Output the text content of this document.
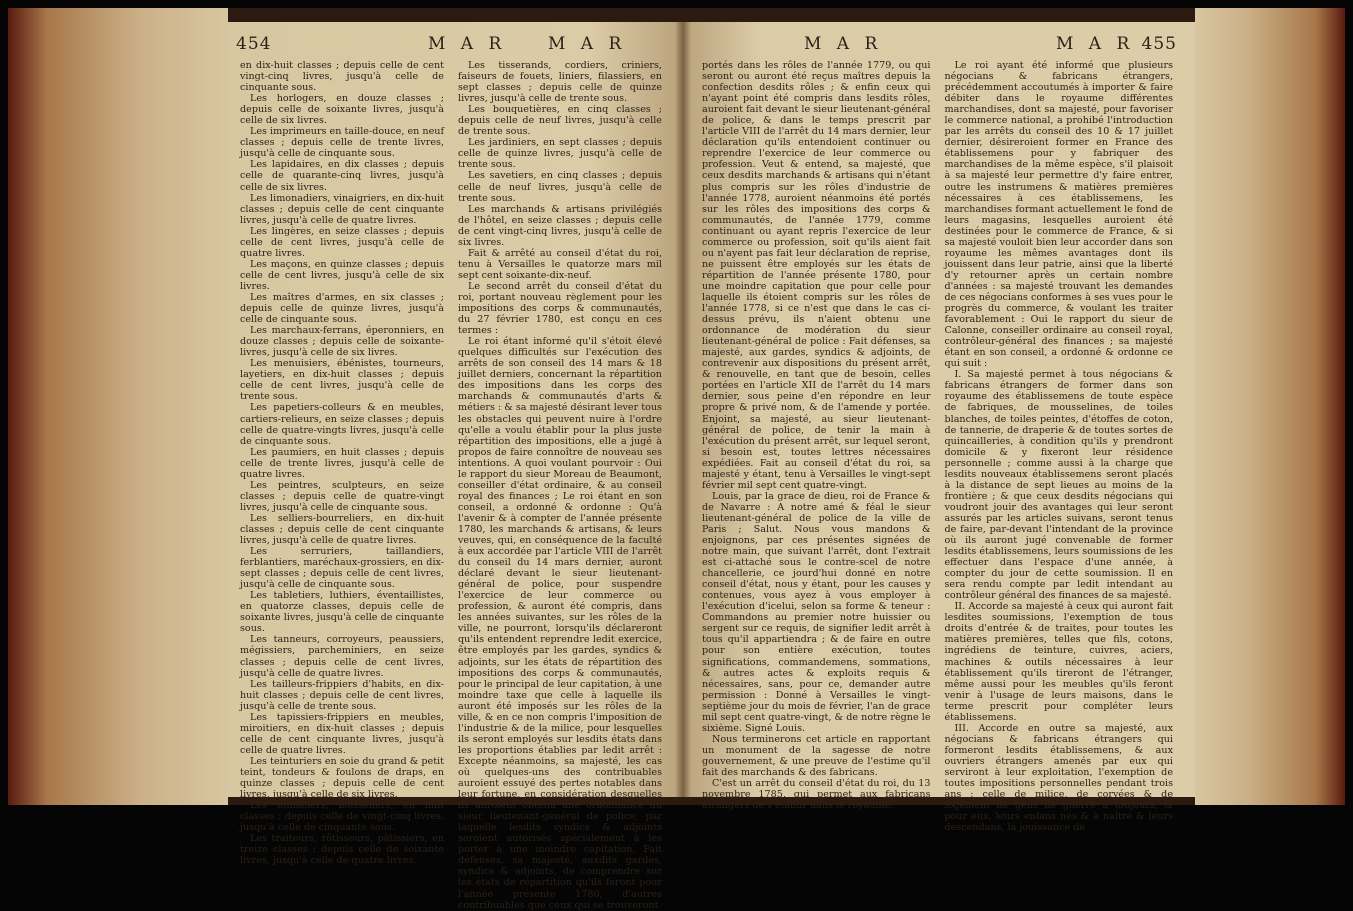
454	M A R

en dix-huit classes ; depuis celle de cent vingt-cinq livres, jusqu'à celle de cinquante sous.

Les horlogers, en douze classes ; depuis celle de soixante livres, jusqu'à celle de six livres.

Les imprimeurs en taille-douce, en neuf classes ; depuis celle de trente livres, jusqu'à celle de cinquante sous.

Les lapidaires, en dix classes ; depuis celle de quarante-cinq livres, jusqu'à celle de six livres.

Les limonadiers, vinaigriers, en dix-huit classes ; depuis celle de cent cinquante livres, jusqu'à celle de quatre livres.

Les lingères, en seize classes ; depuis celle de cent livres, jusqu'à celle de quatre livres.

Les maçons, en quinze classes ; depuis celle de cent livres, jusqu'à celle de six livres.

Les maîtres d'armes, en six classes ; depuis celle de quinze livres, jusqu'à celle de cinquante sous.

Les marchaux-ferrans, éperonniers, en douze classes ; depuis celle de soixante-livres, jusqu'à celle de six livres.

Les menuisiers, ébénistes, tourneurs, layetiers, en dix-huit classes ; depuis celle de cent livres, jusqu'à celle de trente sous.

Les papetiers-colleurs & en meubles, cartiers-relieurs, en seize classes ; depuis celle de quatre-vingts livres, jusqu'à celle de cinquante sous.

Les paumiers, en huit classes ; depuis celle de trente livres, jusqu'à celle de quatre livres.

Les peintres, sculpteurs, en seize classes ; depuis celle de quatre-vingt livres, jusqu'à celle de cinquante sous.

Les selliers-bourreliers, en dix-huit classes ; depuis celle de cent cinquante livres, jusqu'à celle de quatre livres.

Les serruriers, taillandiers, ferblantiers, maréchaux-grossiers, en dix-sept classes ; depuis celle de cent livres, jusqu'à celle de cinquante sous.

Les tabletiers, luthiers, éventaillistes, en quatorze classes, depuis celle de soixante livres, jusqu'à celle de cinquante sous.

Les tanneurs, corroyeurs, peaussiers, mégissiers, parcheminiers, en seize classes ; depuis celle de cent livres, jusqu'à celle de quatre livres.

Les tailleurs-frippiers d'habits, en dix-huit classes ; depuis celle de cent livres, jusqu'à celle de trente sous.

Les tapissiers-frippiers en meubles, miroitiers, en dix-huit classes ; depuis celle de cent cinquante livres, jusqu'à celle de quatre livres.

Les teinturiers en soie du grand & petit teint, tondeurs & foulons de draps, en quinze classes ; depuis celle de cent livres, jusqu'à celle de six livres.

Les tonneliers, boisseliers, en huit classes ; depuis celle de vingt-cinq livres, jusqu'à celle de cinquante sous.

Les traiteurs, rôtisseurs, pâtissiers, en treize classes ; depuis celle de soixante livres, jusqu'à celle de quatre livres.

Les tisserands, cordiers, criniers, faiseurs de fouets, liniers, filassiers, en sept classes ; depuis celle de quinze livres, jusqu'à celle de trente sous.

Les bouquetières, en cinq classes ; depuis celle de neuf livres, jusqu'à celle de trente sous.

Les jardiniers, en sept classes ; depuis celle de quinze livres, jusqu'à celle de trente sous.

Les savetiers, en cinq classes ; depuis celle de neuf livres, jusqu'à celle de trente sous.

Les marchands & artisans privilégiés de l'hôtel, en seize classes ; depuis celle de cent vingt-cinq livres, jusqu'à celle de six livres.

Fait & arrêté au conseil d'état du roi, tenu à Versailles le quatorze mars mil sept cent soixante-dix-neuf.

Le second arrêt du conseil d'état du roi, portant nouveau règlement pour les impositions des corps & communautés, du 27 février 1780, est conçu en ces termes :

Le roi étant informé qu'il s'étoit élevé quelques difficultés sur l'exécution des arrêts de son conseil des 14 mars & 18 juillet derniers, concernant la répartition des impositions dans les corps des marchands & communautés d'arts & métiers : & sa majesté désirant lever tous les obstacles qui peuvent nuire à l'ordre qu'elle a voulu établir pour la plus juste répartition des impositions, elle a jugé à propos de faire connoître de nouveau ses intentions. A quoi voulant pourvoir : Oui le rapport du sieur Moreau de Beaumont, conseiller d'état ordinaire, & au conseil royal des finances ; Le roi étant en son conseil, a ordonné & ordonne : Qu'à l'avenir & à compter de l'année présente 1780, les marchands & artisans, & leurs veuves, qui, en conséquence de la faculté à eux accordée par l'article VIII de l'arrêt du conseil du 14 mars dernier, auront déclaré devant le sieur lieutenant-général de police, pour suspendre l'exercice de leur commerce ou profession, & auront été compris, dans les années suivantes, sur les rôles de la ville, ne pourront, lorsqu'ils déclareront qu'ils entendent reprendre ledit exercice, être employés par les gardes, syndics & adjoints, sur les états de répartition des impositions des corps & communautés, pour le principal de leur capitation, à une moindre taxe que celle à laquelle ils auront été imposés sur les rôles de la ville, & en ce non compris l'imposition de l'industrie & de la milice, pour lesquelles ils seront employés sur lesdits états dans les proportions établies par ledit arrêt : Excepte néanmoins, sa majesté, les cas où quelques-uns des contribuables auroient essuyé des pertes notables dans leur fortune, en considération desquelles ils auroient obtenu une ordonnance du sieur lieutenant-général de police, par laquelle lesdits syndics & adjoints seroient autorisés spécialement à les porter à une moindre capitation. Fait défenses, sa majesté, auxdits gardes, syndics & adjoints, de comprendre sur les états de répartition qu'ils feront pour l'année présente 1780, d'autres contribuables que ceux qui se trouveront

M A R	M A R 455

portés dans les rôles de l'année 1779, ou qui seront ou auront été reçus maîtres depuis la confection desdits rôles ; & enfin ceux qui n'ayant point été compris dans lesdits rôles, auroient fait devant le sieur lieutenant-général de police, & dans le temps prescrit par l'article VIII de l'arrêt du 14 mars dernier, leur déclaration qu'ils entendoient continuer ou reprendre l'exercice de leur commerce ou profession. Veut & entend, sa majesté, que ceux desdits marchands & artisans qui n'étant plus compris sur les rôles d'industrie de l'année 1778, auroient néanmoins été portés sur les rôles des impositions des corps & communautés, de l'année 1779, comme continuant ou ayant repris l'exercice de leur commerce ou profession, soit qu'ils aient fait ou n'ayent pas fait leur déclaration de reprise, ne puissent être employés sur les états de répartition de l'année présente 1780, pour une moindre capitation que pour celle pour laquelle ils étoient compris sur les rôles de l'année 1778, si ce n'est que dans le cas ci-dessus prévu, ils n'aient obtenu une ordonnance de modération du sieur lieutenant-général de police : Fait défenses, sa majesté, aux gardes, syndics & adjoints, de contrevenir aux dispositions du présent arrêt, & renouvelle, en tant que de besoin, celles portées en l'article XII de l'arrêt du 14 mars dernier, sous peine d'en répondre en leur propre & privé nom, & de l'amende y portée. Enjoint, sa majesté, au sieur lieutenant-général de police, de tenir la main à l'exécution du présent arrêt, sur lequel seront, si besoin est, toutes lettres nécessaires expédiées. Fait au conseil d'état du roi, sa majesté y étant, tenu à Versailles le vingt-sept février mil sept cent quatre-vingt.

Louis, par la grace de dieu, roi de France & de Navarre : A notre amé & féal le sieur lieutenant-général de police de la ville de Paris ; Salut. Nous vous mandons & enjoignons, par ces présentes signées de notre main, que suivant l'arrêt, dont l'extrait est ci-attaché sous le contre-scel de notre chancellerie, ce jourd'hui donné en notre conseil d'état, nous y étant, pour les causes y contenues, vous ayez à vous employer à l'exécution d'icelui, selon sa forme & teneur : Commandons au premier notre huissier ou sergent sur ce requis, de signifier ledit arrêt à tous qu'il appartiendra ; & de faire en outre pour son entière exécution, toutes significations, commandemens, sommations, & autres actes & exploits requis & nécessaires, sans, pour ce, demander autre permission : Donné à Versailles le vingt-septième jour du mois de février, l'an de grace mil sept cent quatre-vingt, & de notre règne le sixième. Signé Louis.

Nous terminerons cet article en rapportant un monument de la sagesse de notre gouvernement, & une preuve de l'estime qu'il fait des marchands & des fabricans.

C'est un arrêt du conseil d'état du roi, du 13 novembre 1785, qui permet aux fabricans étrangers de s'établir dans le royaume.

Le roi ayant été informé que plusieurs négocians & fabricans étrangers, précédemment accoutumés à importer & faire débiter dans le royaume différentes marchandises, dont sa majesté, pour favoriser le commerce national, a prohibé l'introduction par les arrêts du conseil des 10 & 17 juillet dernier, désireroient former en France des établissemens pour y fabriquer des marchandises de la même espèce, s'il plaisoit à sa majesté leur permettre d'y faire entrer, outre les instrumens & matières premières nécessaires à ces établissemens, les marchandises formant actuellement le fond de leurs magasins, lesquelles auroient été destinées pour le commerce de France, & si sa majesté vouloit bien leur accorder dans son royaume les mêmes avantages dont ils jouissent dans leur patrie, ainsi que la liberté d'y retourner après un certain nombre d'années : sa majesté trouvant les demandes de ces négocians conformes à ses vues pour le progrès du commerce, & voulant les traiter favorablement : Oui le rapport du sieur de Calonne, conseiller ordinaire au conseil royal, contrôleur-général des finances ; sa majesté étant en son conseil, a ordonné & ordonne ce qui suit :

I. Sa majesté permet à tous négocians & fabricans étrangers de former dans son royaume des établissemens de toute espèce de fabriques, de mousselines, de toiles blanches, de toiles peintes, d'étoffes de coton, de tannerie, de draperie & de toutes sortes de quincailleries, à condition qu'ils y prendront domicile & y fixeront leur résidence personnelle ; comme aussi à la charge que lesdits nouveaux établissemens seront placés à la distance de sept lieues au moins de la frontière ; & que ceux desdits négocians qui voudront jouir des avantages qui leur seront assurés par les articles suivans, seront tenus de faire, par-devant l'intendant de la province où ils auront jugé convenable de former lesdits établissemens, leurs soumissions de les effectuer dans l'espace d'une année, à compter du jour de cette soumission. Il en sera rendu compte par ledit intendant au contrôleur général des finances de sa majesté.

II. Accorde sa majesté à ceux qui auront fait lesdites soumissions, l'exemption de tous droits d'entrée & de traites, pour toutes les matières premières, telles que fils, cotons, ingrédiens de teinture, cuivres, aciers, machines & outils nécessaires à leur établissement qu'ils tireront de l'étranger, même aussi pour les meubles qu'ils feront venir à l'usage de leurs maisons, dans le terme prescrit pour compléter leurs établissemens.

III. Accorde en outre sa majesté, aux négocians & fabricans étrangers qui formeront lesdits établissemens, & aux ouvriers étrangers amenés par eux qui serviront à leur exploitation, l'exemption de toutes impositions personnelles pendant trois ans ; celle de milice, de corvées & de logement de gens de guerre à toujours, & pour eux, leurs enfans nés & à naître & leurs descendans, la jouissance de

M A R
